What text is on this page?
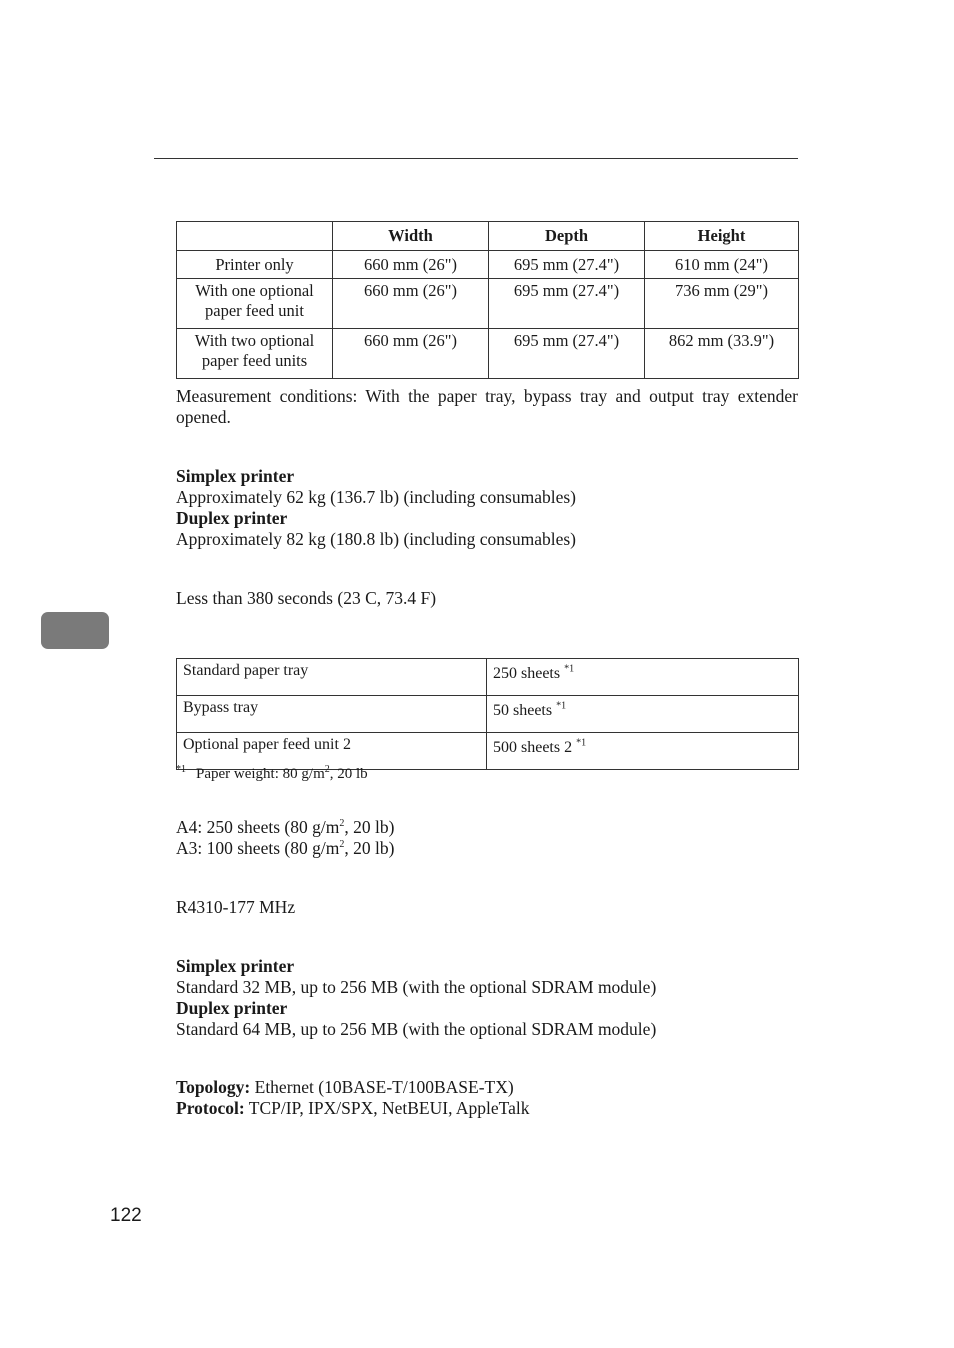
	Width	Depth	Height
Printer only	660 mm (26")	695 mm (27.4")	610 mm (24")

With one optional
paper feed unit	660 mm (26")	695 mm (27.4")	736 mm (29")

With two optional
paper feed units	660 mm (26")	695 mm (27.4")	862 mm (33.9")
Measurement conditions: With the paper tray, bypass tray and output tray extender opened.
Simplex printer
Approximately 62 kg (136.7 lb) (including consumables)
Duplex printer
Approximately 82 kg (180.8 lb) (including consumables)
Less than 380 seconds (23 C, 73.4 F)
Standard paper tray	250 sheets $^{*1}$
Bypass tray	50 sheets $^{*1}$
Optional paper feed unit 2	500 sheets 2 $^{*1}$
$^{*1}$ Paper weight: 80 $g/m^2$, 20 lb
A4: 250 sheets (80 $g/m^2$, 20 lb)
A3: 100 sheets (80 $g/m^2$, 20 lb)
R4310-177 MHz
Simplex printer
Standard 32 MB, up to 256 MB (with the optional SDRAM module)
Duplex printer
Standard 64 MB, up to 256 MB (with the optional SDRAM module)
Topology: Ethernet (10BASE-T/100BASE-TX)
Protocol: TCP/IP, IPX/SPX, NetBEUI, AppleTalk
122
